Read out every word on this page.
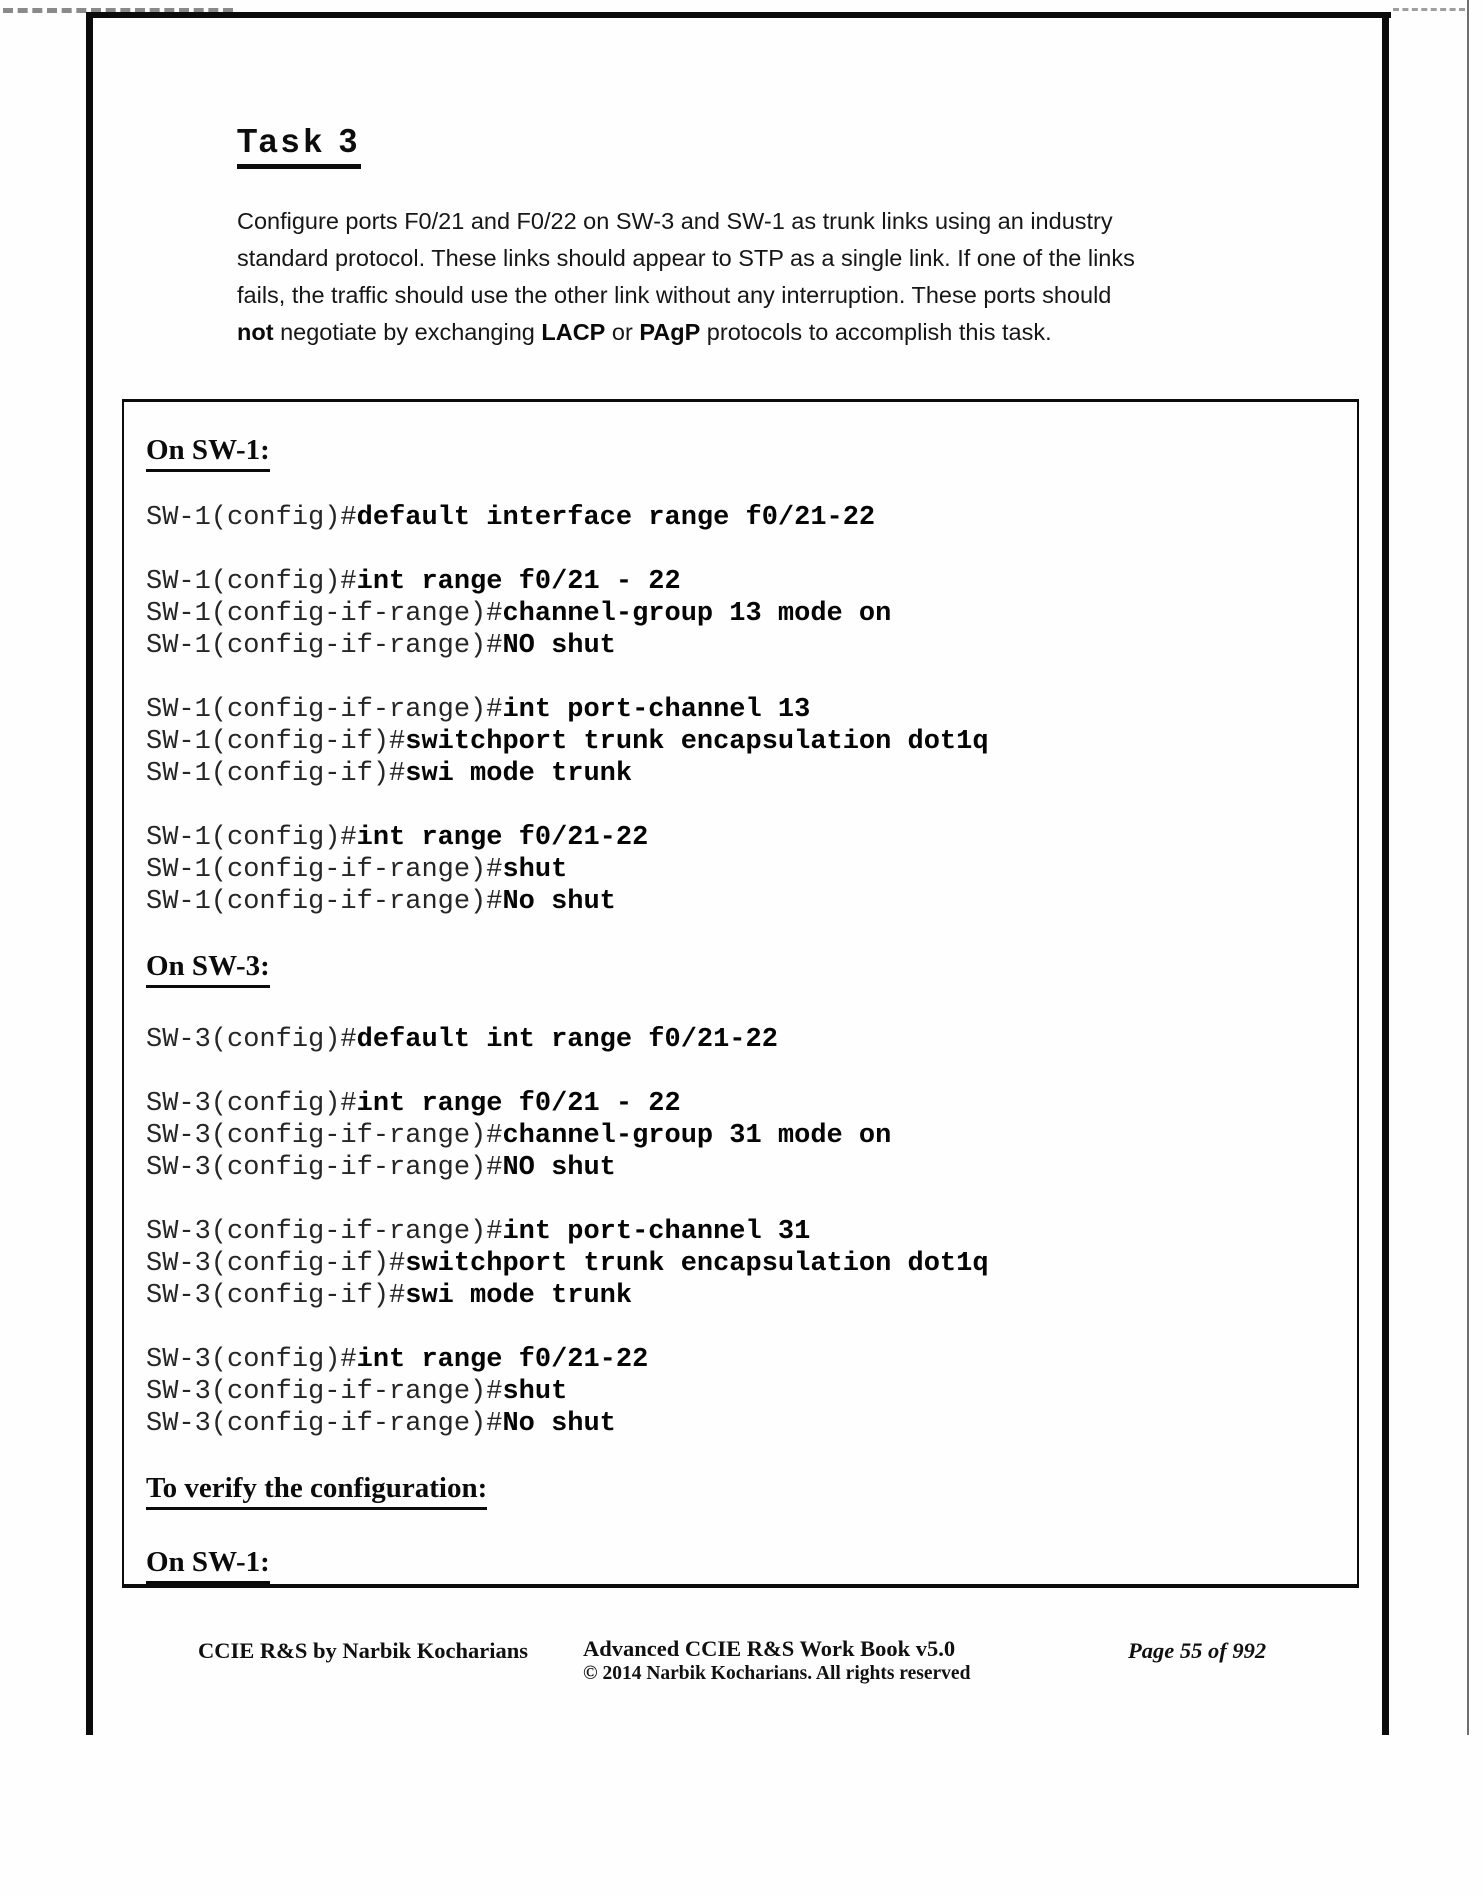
Task 3
Configure ports F0/21 and F0/22 on SW-3 and SW-1 as trunk links using an industry
standard protocol. These links should appear to STP as a single link. If one of the links
fails, the traffic should use the other link without any interruption. These ports should
not negotiate by exchanging LACP or PAgP protocols to accomplish this task.
On SW-1:
SW-1(config)#default interface range f0/21-22
SW-1(config)#int range f0/21 - 22
SW-1(config-if-range)#channel-group 13 mode on
SW-1(config-if-range)#NO shut
SW-1(config-if-range)#int port-channel 13
SW-1(config-if)#switchport trunk encapsulation dot1q
SW-1(config-if)#swi mode trunk
SW-1(config)#int range f0/21-22
SW-1(config-if-range)#shut
SW-1(config-if-range)#No shut
On SW-3:
SW-3(config)#default int range f0/21-22
SW-3(config)#int range f0/21 - 22
SW-3(config-if-range)#channel-group 31 mode on
SW-3(config-if-range)#NO shut
SW-3(config-if-range)#int port-channel 31
SW-3(config-if)#switchport trunk encapsulation dot1q
SW-3(config-if)#swi mode trunk
SW-3(config)#int range f0/21-22
SW-3(config-if-range)#shut
SW-3(config-if-range)#No shut
To verify the configuration:
On SW-1:
CCIE R&S by Narbik Kocharians Advanced CCIE R&S Work Book v5.0
© 2014 Narbik Kocharians. All rights reserved
Page 55 of 992
